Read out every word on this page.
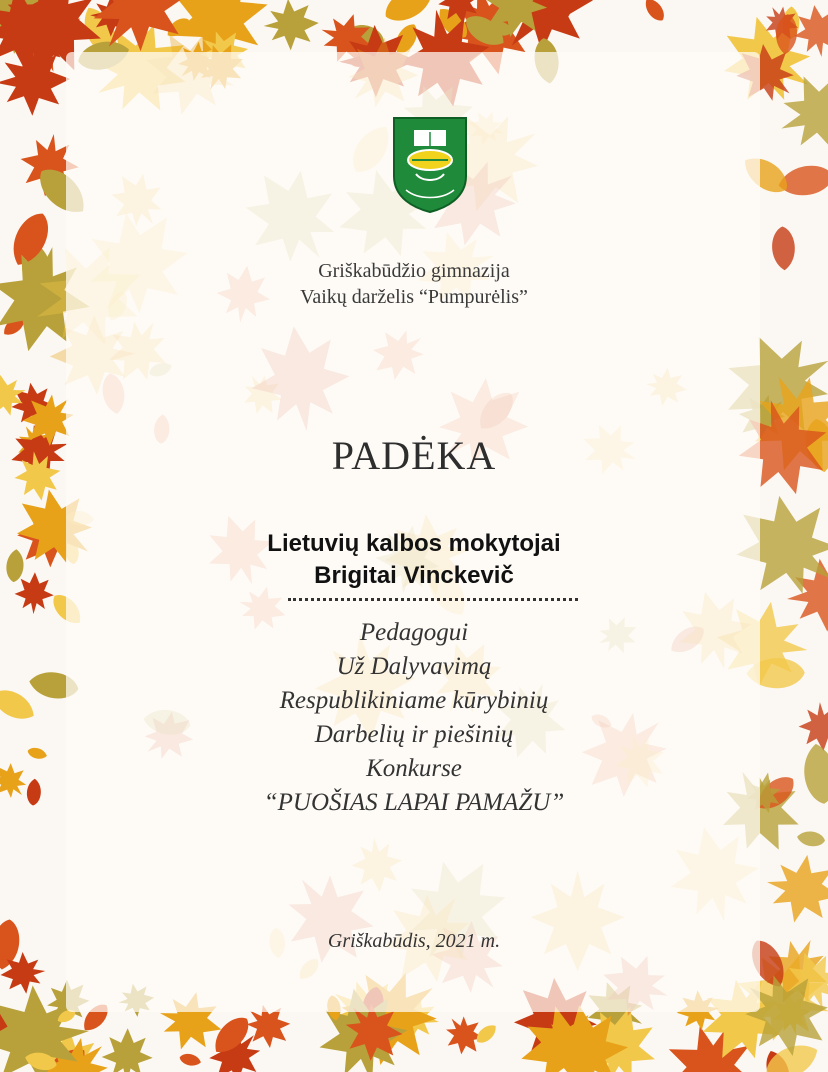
Griškabūdžio gimnazija
Vaikų darželis “Pumpurėlis”
PADĖKA
Lietuvių kalbos mokytojai
Brigitai Vinckevič
Pedagogui
Už Dalyvavimą
Respublikiniame kūrybinių
Darbelių ir piešinių
Konkurse
“PUOŠIAS LAPAI PAMAŽU”
Griškabūdis, 2021 m.
